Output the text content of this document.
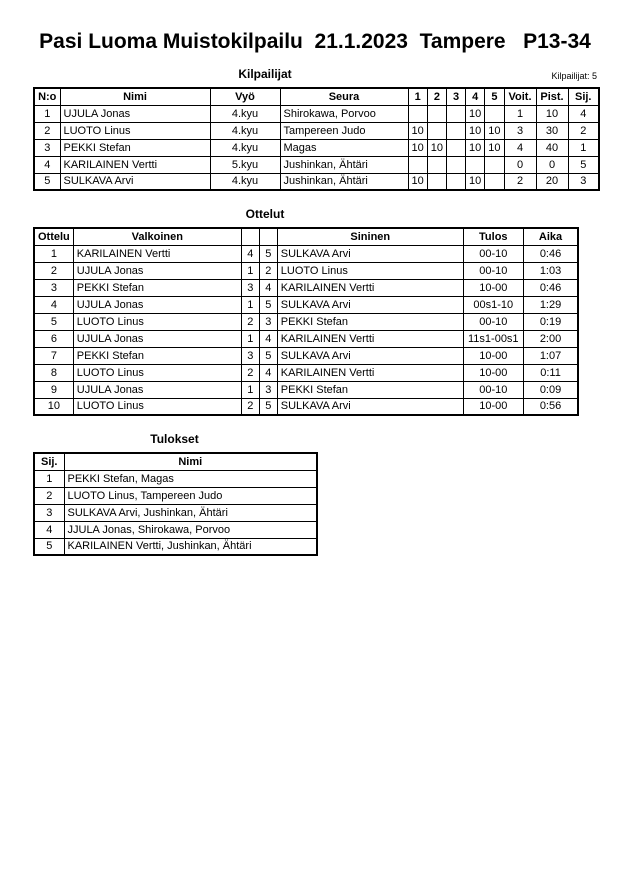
Pasi Luoma Muistokilpailu  21.1.2023  Tampere   P13-34
Kilpailijat	Kilpailijat: 5
N:o	Nimi	Vyö	Seura	1	2	3	4	5	Voit.	Pist.	Sij.
1	UJULA Jonas	4.kyu	Shirokawa, Porvoo				10		1	10	4
2	LUOTO Linus	4.kyu	Tampereen Judo	10			10	10	3	30	2
3	PEKKI Stefan	4.kyu	Magas	10	10		10	10	4	40	1
4	KARILAINEN Vertti	5.kyu	Jushinkan, Ähtäri						0	0	5
5	SULKAVA Arvi	4.kyu	Jushinkan, Ähtäri	10			10		2	20	3
Ottelut
Ottelu	Valkoinen			Sininen	Tulos	Aika
1	KARILAINEN Vertti	4	5	SULKAVA Arvi	00-10	0:46
2	UJULA Jonas	1	2	LUOTO Linus	00-10	1:03
3	PEKKI Stefan	3	4	KARILAINEN Vertti	10-00	0:46
4	UJULA Jonas	1	5	SULKAVA Arvi	00s1-10	1:29
5	LUOTO Linus	2	3	PEKKI Stefan	00-10	0:19
6	UJULA Jonas	1	4	KARILAINEN Vertti	11s1-00s1	2:00
7	PEKKI Stefan	3	5	SULKAVA Arvi	10-00	1:07
8	LUOTO Linus	2	4	KARILAINEN Vertti	10-00	0:11
9	UJULA Jonas	1	3	PEKKI Stefan	00-10	0:09
10	LUOTO Linus	2	5	SULKAVA Arvi	10-00	0:56
Tulokset
Sij.	Nimi
1	PEKKI Stefan, Magas
2	LUOTO Linus, Tampereen Judo
3	SULKAVA Arvi, Jushinkan, Ähtäri
4	JJULA Jonas, Shirokawa, Porvoo
5	KARILAINEN Vertti, Jushinkan, Ähtäri
